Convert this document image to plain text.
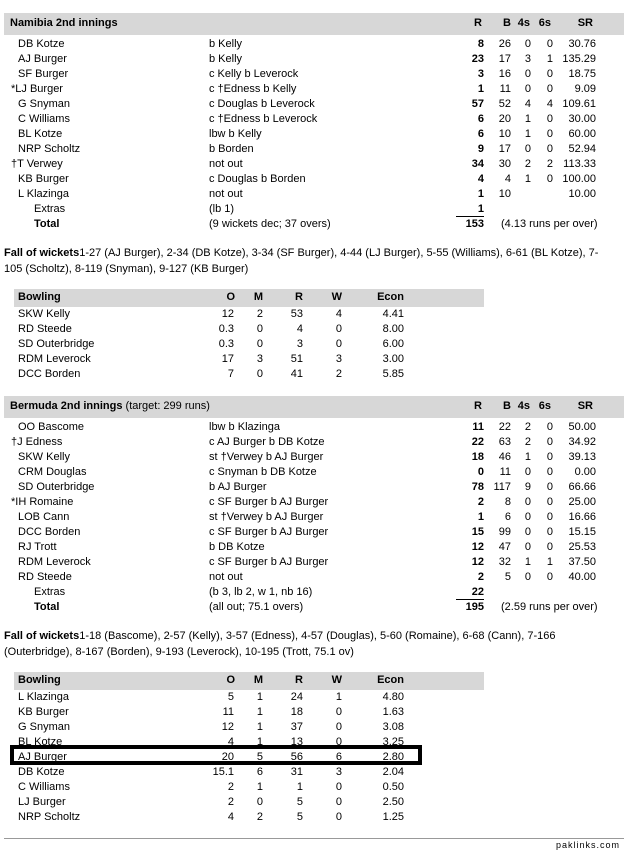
Namibia 2nd innings	R B 4s 6s SR
DB Kotze	b Kelly	8 26 0 0 30.76
AJ Burger	b Kelly	23 17 3 1 135.29
SF Burger	c Kelly b Leverock	3 16 0 0 18.75
*LJ Burger	c †Edness b Kelly	1 11 0 0 9.09
G Snyman	c Douglas b Leverock	57 52 4 4 109.61
C Williams	c †Edness b Leverock	6 20 1 0 30.00
BL Kotze	lbw b Kelly	6 10 1 0 60.00
NRP Scholtz	b Borden	9 17 0 0 52.94
†T Verwey	not out	34 30 2 2 113.33
KB Burger	c Douglas b Borden	4 4 1 0 100.00
L Klazinga	not out	1 10	10.00
Extras	(lb 1)	1
Total	(9 wickets dec; 37 overs)	153 (4.13 runs per over)
Fall of wickets1-27 (AJ Burger), 2-34 (DB Kotze), 3-34 (SF Burger), 4-44 (LJ Burger), 5-55 (Williams), 6-61 (BL Kotze), 7-105 (Scholtz), 8-119 (Snyman), 9-127 (KB Burger)
Bowling	O M	R	W	Econ
SKW Kelly	12 2	53	4	4.41
RD Steede	0.3 0	4	0	8.00
SD Outerbridge	0.3 0	3	0	6.00
RDM Leverock	17 3	51	3	3.00
DCC Borden	7 0	41	2	5.85
Bermuda 2nd innings (target: 299 runs)	R B 4s 6s SR
OO Bascome	lbw b Klazinga	11 22 2 0 50.00
†J Edness	c AJ Burger b DB Kotze	22 63 2 0 34.92
SKW Kelly	st †Verwey b AJ Burger	18 46 1 0 39.13
CRM Douglas	c Snyman b DB Kotze	0 11 0 0 0.00
SD Outerbridge	b AJ Burger	78 117 9 0 66.66
*IH Romaine	c SF Burger b AJ Burger	2 8 0 0 25.00
LOB Cann	st †Verwey b AJ Burger	1 6 0 0 16.66
DCC Borden	c SF Burger b AJ Burger	15 99 0 0 15.15
RJ Trott	b DB Kotze	12 47 0 0 25.53
RDM Leverock	c SF Burger b AJ Burger	12 32 1 1 37.50
RD Steede	not out	2 5 0 0 40.00
Extras	(b 3, lb 2, w 1, nb 16)	22
Total	(all out; 75.1 overs)	195 (2.59 runs per over)
Fall of wickets1-18 (Bascome), 2-57 (Kelly), 3-57 (Edness), 4-57 (Douglas), 5-60 (Romaine), 6-68 (Cann), 7-166 (Outerbridge), 8-167 (Borden), 9-193 (Leverock), 10-195 (Trott, 75.1 ov)
Bowling	O M	R	W	Econ
L Klazinga	5 1	24	1	4.80
KB Burger	11 1	18	0	1.63
G Snyman	12 1	37	0	3.08
BL Kotze	4 1	13	0	3.25
AJ Burger	20 5	56	6	2.80
DB Kotze	15.1 6	31	3	2.04
C Williams	2 1	1	0	0.50
LJ Burger	2 0	5	0	2.50
NRP Scholtz	4 2	5	0	1.25
paklinks.com
